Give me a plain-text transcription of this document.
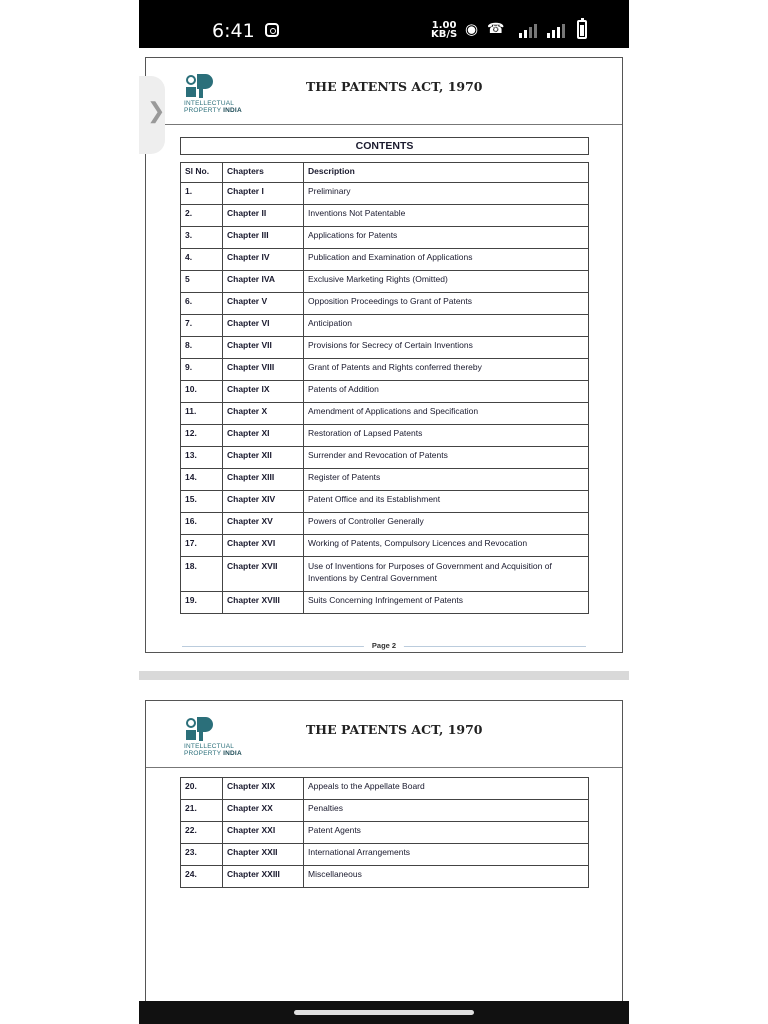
6:41	1.00
KB/S ◉ ☎
INTELLECTUAL
PROPERTY INDIA
THE PATENTS ACT, 1970
CONTENTS
Sl No.	Chapters	Description
1.	Chapter I	Preliminary
2.	Chapter II	Inventions Not Patentable
3.	Chapter III	Applications for Patents
4.	Chapter IV	Publication and Examination of Applications
5	Chapter IVA	Exclusive Marketing Rights (Omitted)
6.	Chapter V	Opposition Proceedings to Grant of Patents
7.	Chapter VI	Anticipation
8.	Chapter VII	Provisions for Secrecy of Certain Inventions
9.	Chapter VIII	Grant of Patents and Rights conferred thereby
10.	Chapter IX	Patents of Addition
11.	Chapter X	Amendment of Applications and Specification
12.	Chapter XI	Restoration of Lapsed Patents
13.	Chapter XII	Surrender and Revocation of Patents
14.	Chapter XIII	Register of Patents
15.	Chapter XIV	Patent Office and its Establishment
16.	Chapter XV	Powers of Controller Generally
17.	Chapter XVI	Working of Patents, Compulsory Licences and Revocation
18.	Chapter XVII	Use of Inventions for Purposes of Government and Acquisition of Inventions by Central Government
19.	Chapter XVIII	Suits Concerning Infringement of Patents
Page 2
❯
INTELLECTUAL
PROPERTY INDIA
THE PATENTS ACT, 1970
20.	Chapter XIX	Appeals to the Appellate Board
21.	Chapter XX	Penalties
22.	Chapter XXI	Patent Agents
23.	Chapter XXII	International Arrangements
24.	Chapter XXIII	Miscellaneous
